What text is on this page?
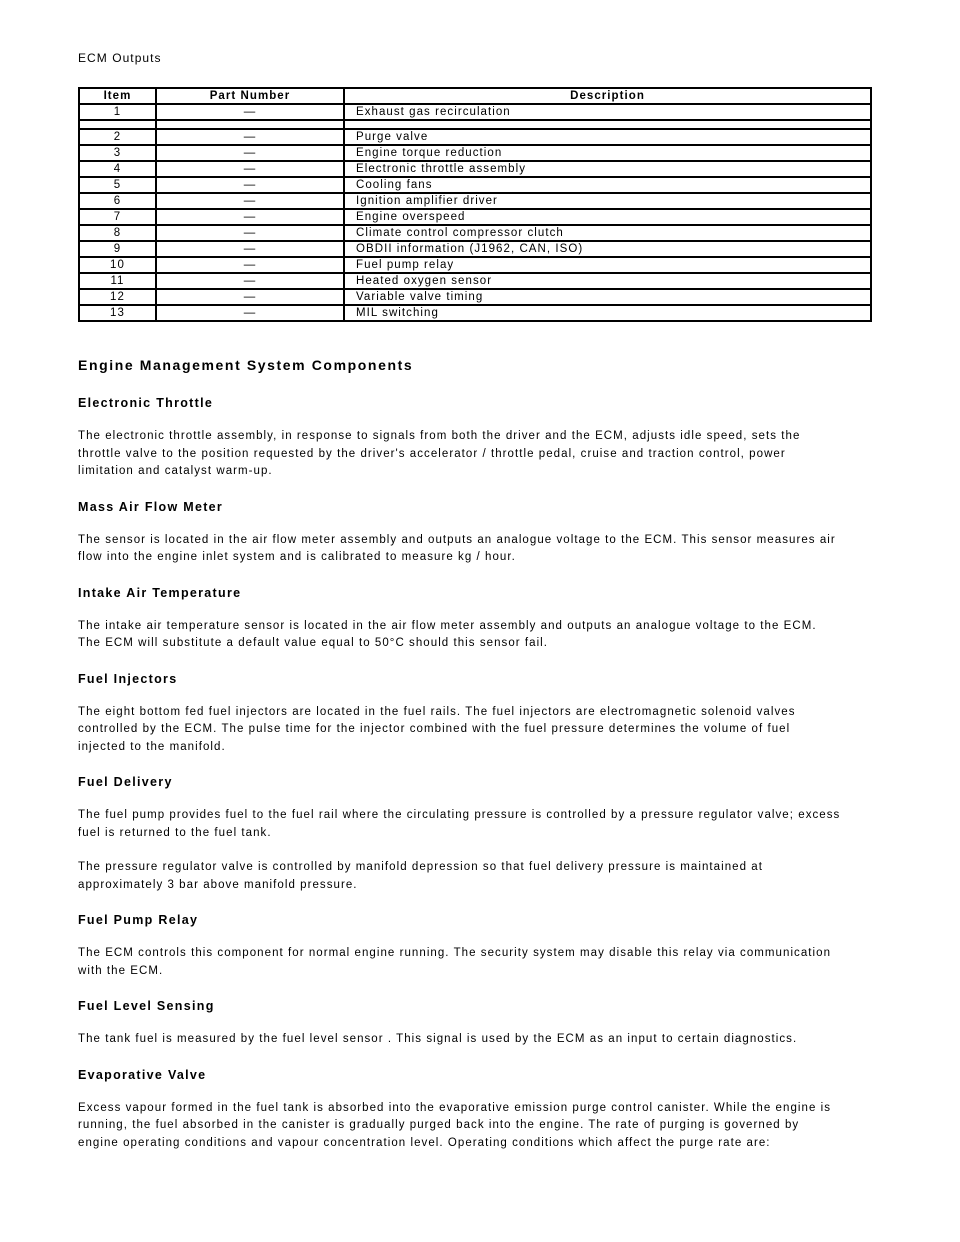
ECM Outputs
Item	Part Number	Description
1	—	Exhaust gas recirculation

2	—	Purge valve
3	—	Engine torque reduction
4	—	Electronic throttle assembly
5	—	Cooling fans
6	—	Ignition amplifier driver
7	—	Engine overspeed
8	—	Climate control compressor clutch
9	—	OBDII information (J1962, CAN, ISO)
10	—	Fuel pump relay
11	—	Heated oxygen sensor
12	—	Variable valve timing
13	—	MIL switching
Engine Management System Components
Electronic Throttle

The electronic throttle assembly, in response to signals from both the driver and the ECM, adjusts idle speed, sets the
throttle valve to the position requested by the driver's accelerator / throttle pedal, cruise and traction control, power
limitation and catalyst warm-up.

Mass Air Flow Meter

The sensor is located in the air flow meter assembly and outputs an analogue voltage to the ECM. This sensor measures air
flow into the engine inlet system and is calibrated to measure kg / hour.

Intake Air Temperature

The intake air temperature sensor is located in the air flow meter assembly and outputs an analogue voltage to the ECM.
The ECM will substitute a default value equal to 50°C should this sensor fail.

Fuel Injectors

The eight bottom fed fuel injectors are located in the fuel rails. The fuel injectors are electromagnetic solenoid valves
controlled by the ECM. The pulse time for the injector combined with the fuel pressure determines the volume of fuel
injected to the manifold.

Fuel Delivery

The fuel pump provides fuel to the fuel rail where the circulating pressure is controlled by a pressure regulator valve; excess
fuel is returned to the fuel tank.

The pressure regulator valve is controlled by manifold depression so that fuel delivery pressure is maintained at
approximately 3 bar above manifold pressure.

Fuel Pump Relay

The ECM controls this component for normal engine running. The security system may disable this relay via communication
with the ECM.

Fuel Level Sensing

The tank fuel is measured by the fuel level sensor . This signal is used by the ECM as an input to certain diagnostics.

Evaporative Valve

Excess vapour formed in the fuel tank is absorbed into the evaporative emission purge control canister. While the engine is
running, the fuel absorbed in the canister is gradually purged back into the engine. The rate of purging is governed by
engine operating conditions and vapour concentration level. Operating conditions which affect the purge rate are:
